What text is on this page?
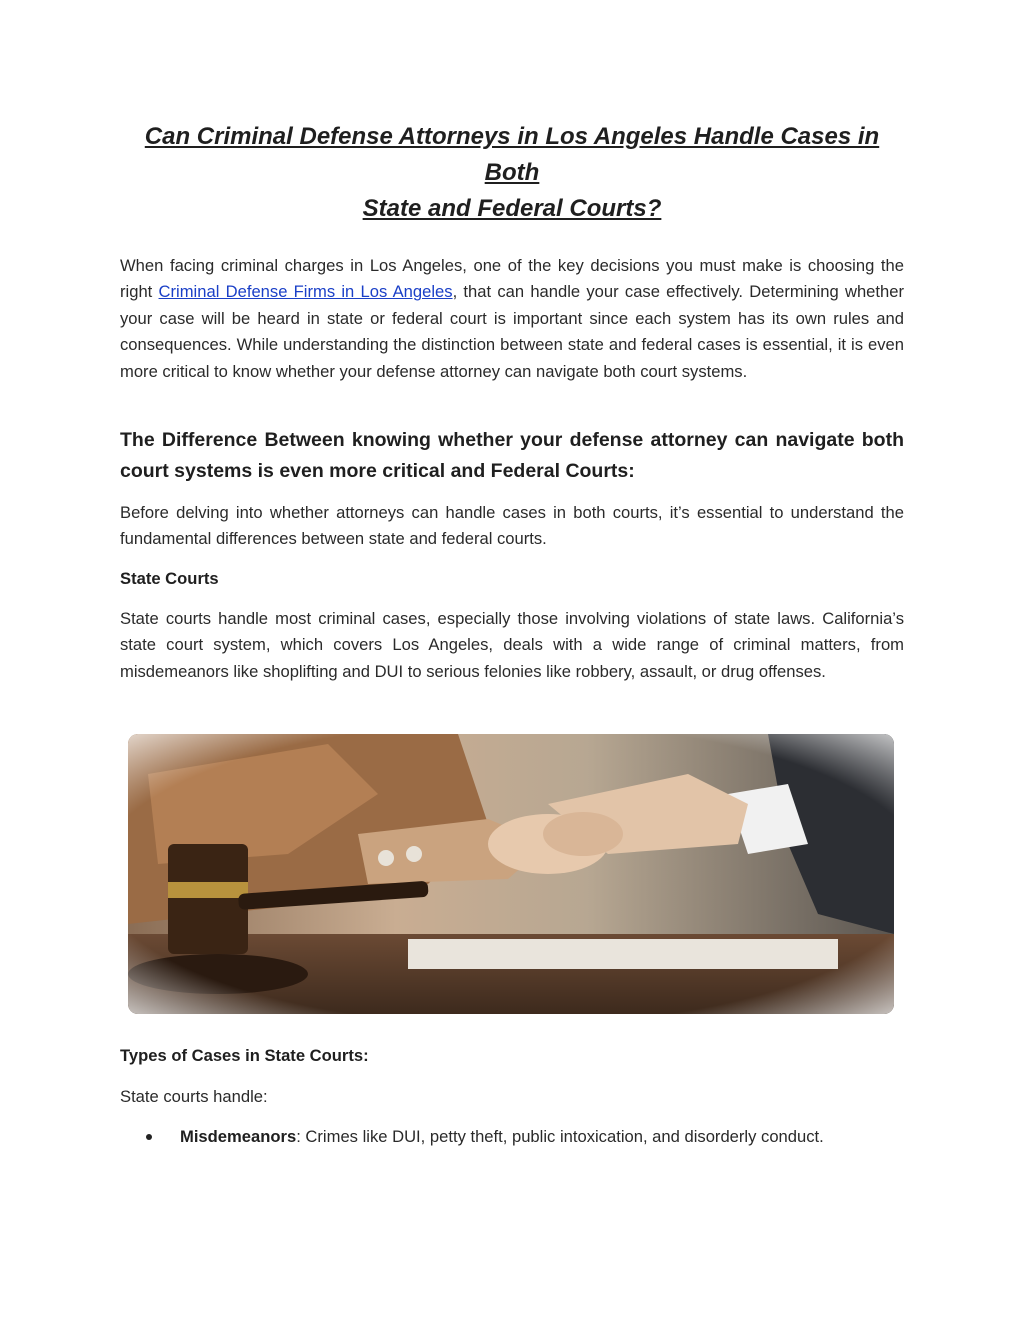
Can Criminal Defense Attorneys in Los Angeles Handle Cases in Both
State and Federal Courts?

When facing criminal charges in Los Angeles, one of the key decisions you must make is choosing the right Criminal Defense Firms in Los Angeles, that can handle your case effectively. Determining whether your case will be heard in state or federal court is important since each system has its own rules and consequences. While understanding the distinction between state and federal cases is essential, it is even more critical to know whether your defense attorney can navigate both court systems.

The Difference Between knowing whether your defense attorney can navigate both court systems is even more critical and Federal Courts:

Before delving into whether attorneys can handle cases in both courts, it’s essential to understand the fundamental differences between state and federal courts.

State Courts

State courts handle most criminal cases, especially those involving violations of state laws. California’s state court system, which covers Los Angeles, deals with a wide range of criminal matters, from misdemeanors like shoplifting and DUI to serious felonies like robbery, assault, or drug offenses.

Types of Cases in State Courts:

State courts handle:

Misdemeanors: Crimes like DUI, petty theft, public intoxication, and disorderly conduct.
